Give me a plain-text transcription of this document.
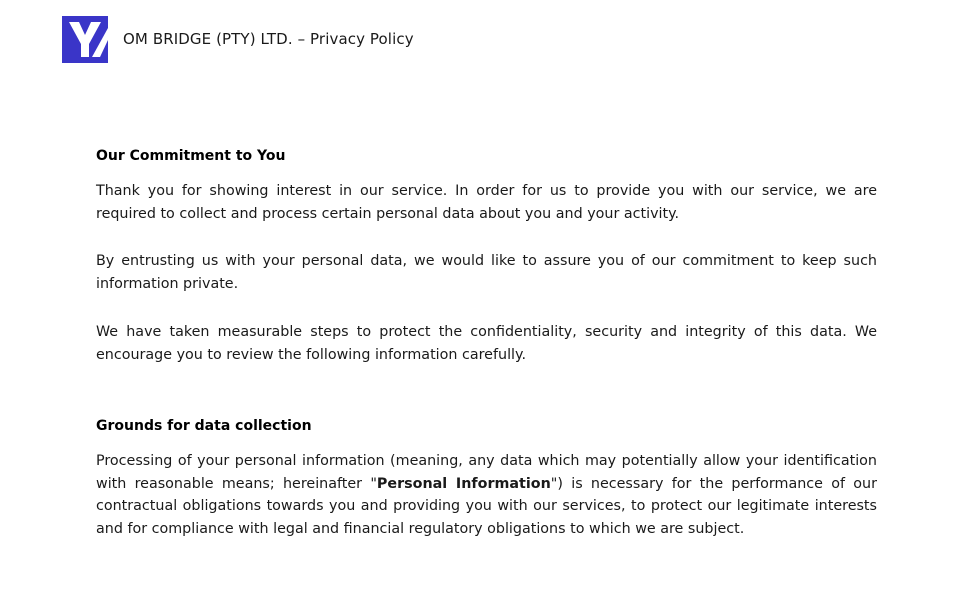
OM BRIDGE (PTY) LTD. – Privacy Policy
Our Commitment to You

Thank you for showing interest in our service. In order for us to provide you with our service, we are required to collect and process certain personal data about you and your activity.

By entrusting us with your personal data, we would like to assure you of our commitment to keep such information private.

We have taken measurable steps to protect the confidentiality, security and integrity of this data. We encourage you to review the following information carefully.

Grounds for data collection

Processing of your personal information (meaning, any data which may potentially allow your identification with reasonable means; hereinafter "Personal Information") is necessary for the performance of our contractual obligations towards you and providing you with our services, to protect our legitimate interests and for compliance with legal and financial regulatory obligations to which we are subject.
